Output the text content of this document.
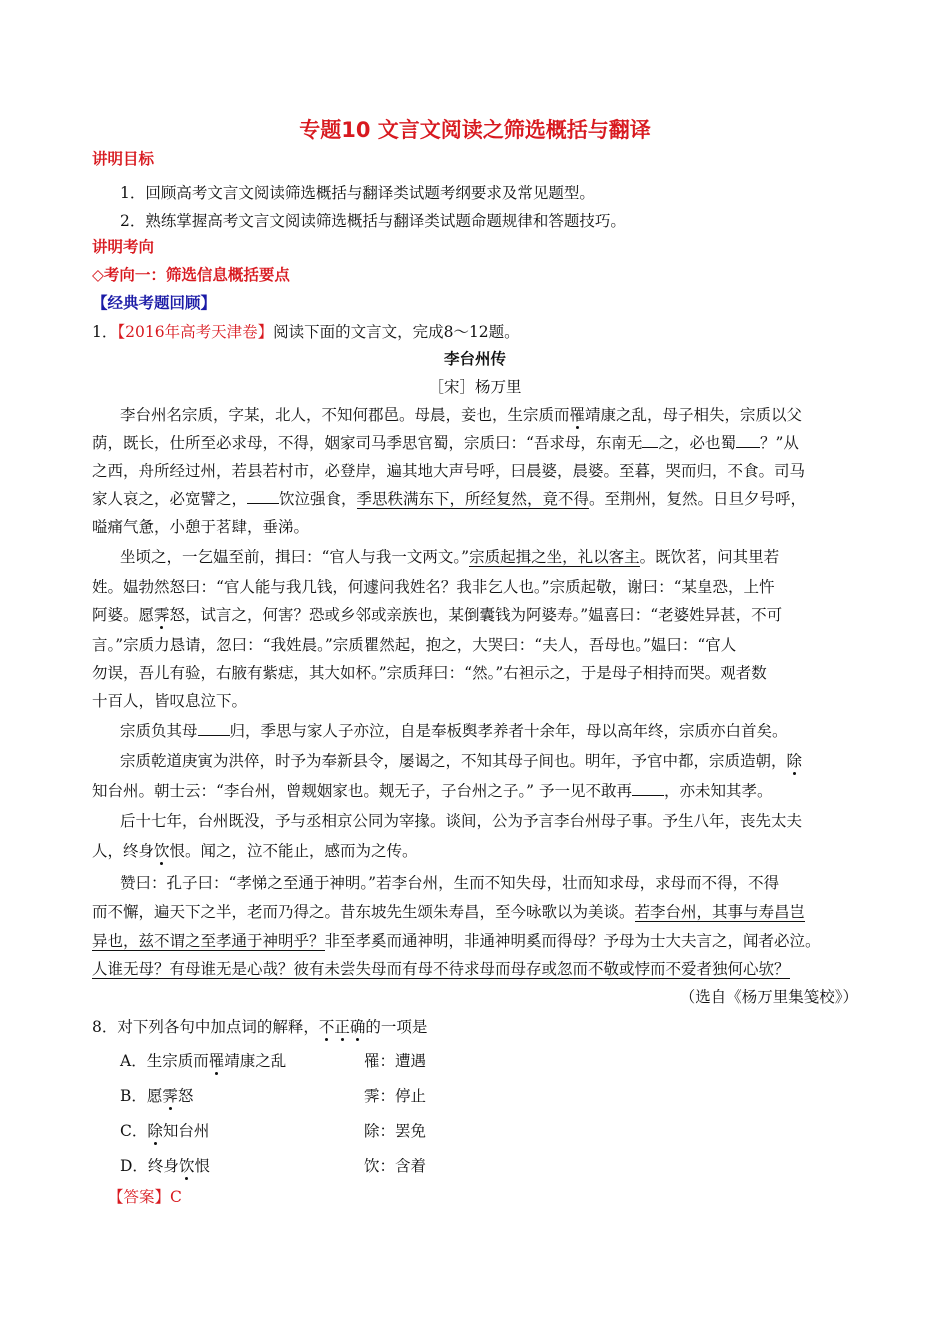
专题10 文言文阅读之筛选概括与翻译
讲明目标
1．回顾高考文言文阅读筛选概括与翻译类试题考纲要求及常见题型。
2．熟练掌握高考文言文阅读筛选概括与翻译类试题命题规律和答题技巧。
讲明考向
◇考向一：筛选信息概括要点
【经典考题回顾】
1．【2016年高考天津卷】阅读下面的文言文，完成8～12题。
李台州传
［宋］杨万里
李台州名宗质，字某，北人，不知何郡邑。母晨，妾也，生宗质而罹靖康之乱，母子相失，宗质以父
荫，既长，仕所至必求母，不得，姻家司马季思官蜀，宗质曰：“吾求母，东南无 之，必也蜀 ？”从
之西，舟所经过州，若县若村市，必登岸，遍其地大声号呼，曰晨婆，晨婆。至暮，哭而归，不食。司马
家人哀之，必宽譬之， 饮泣强食，季思秩满东下，所经复然，竟不得。至荆州，复然。日旦夕号呼，
嗌痛气惫，小憩于茗肆，垂涕。
坐顷之，一乞媪至前，揖曰：“官人与我一文两文。”宗质起揖之坐，礼以客主。既饮茗，问其里若
姓。媪勃然怒曰：“官人能与我几钱，何遽问我姓名？我非乞人也。”宗质起敬，谢曰：“某皇恐，上忤
阿婆。愿霁怒，试言之，何害？恐或乡邻或亲族也，某倒囊钱为阿婆寿。”媪喜曰：“老婆姓异甚，不可
言。”宗质力恳请，忽曰：“我姓晨。”宗质瞿然起，抱之，大哭曰：“夫人，吾母也。”媪曰：“官人
勿误，吾儿有验，右腋有紫痣，其大如杯。”宗质拜曰：“然。”右袒示之，于是母子相持而哭。观者数
十百人，皆叹息泣下。
宗质负其母 归，季思与家人子亦泣，自是奉板舆孝养者十余年，母以高年终，宗质亦白首矣。
宗质乾道庚寅为洪倅，时予为奉新县令，屡谒之，不知其母子间也。明年，予官中都，宗质造朝，除
知台州。朝士云：“李台州，曾觌姻家也。觌无子，子台州之子。” 予一见不敢再 ，亦未知其孝。
后十七年，台州既没，予与丞相京公同为宰掾。谈间，公为予言李台州母子事。予生八年，丧先太夫
人，终身饮恨。闻之，泣不能止，感而为之传。
赞曰：孔子曰：“孝悌之至通于神明。”若李台州，生而不知失母，壮而知求母，求母而不得，不得
而不懈，遍天下之半，老而乃得之。昔东坡先生颂朱寿昌，至今咏歌以为美谈。若李台州，其事与寿昌岂
异也，兹不谓之至孝通于神明乎？非至孝奚而通神明，非通神明奚而得母？予母为士大夫言之，闻者必泣。
人谁无母？有母谁无是心哉？彼有未尝失母而有母不待求母而母存或忽而不敬或悖而不爱者独何心欤？
（选自《杨万里集笺校》）
8．对下列各句中加点词的解释，不正确的一项是
A．生宗质而罹靖康之乱	罹：遭遇
B．愿霁怒	霁：停止
C．除知台州	除：罢免
D．终身饮恨	饮：含着
【答案】C
